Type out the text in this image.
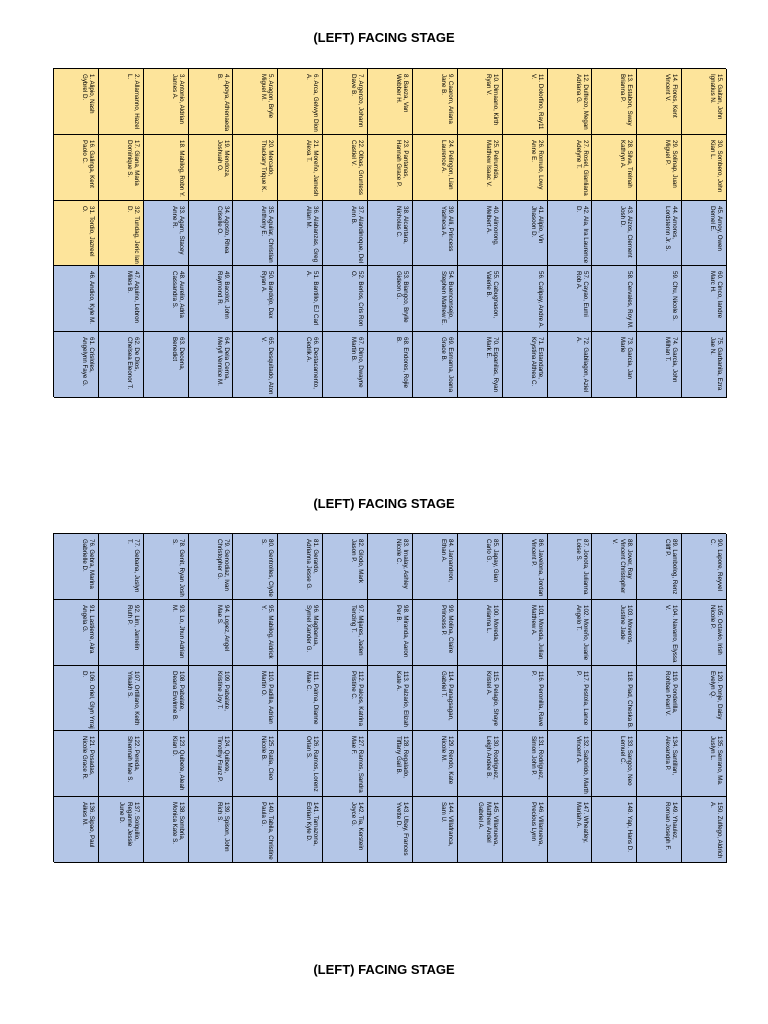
(LEFT) FACING STAGE
1. Alipio, Nash Gybrel D.	2. Allamanno, Hazel L.	3. Antonio, Aldrian James A.	4. Apoya, Athenaeda B.	5. Aragon, Bryle Miguel M.	6. Arca, Gelwyn Dion A.	7. Argenzo, Johann Dave B.	8. Baeza, Van Webber H.	9. Caarom, Ariana Jane B.	10. Dimaano, Kirth Ryan V.	11. Dolorfino, Ray11 V.	12. Dulfrezo, Megan Adriana G.	13. Estabon, Sway Brianna P.	14. Flores, Kent Vincent V.	15. Gaitan, John Ignatius N.
16. Galinga, Kent Paolo C.	17. Giana, Maria Dominique S.	18. Mabilog, Robn Y.	19. Mendoza, Joshuah O.	20. Mercado, Thackary Trique K.	21. Moreño, Jamesh Alexa T.	22. Olbas, Gruntess Castiel V.	23. Pantanas, Hannah Grace P.	24. Pelingon, Lian Laurence A.	25. Pelrumida, Matthew Isaac V.	26. Romulo, Lowy Anne E.	27. Rosel, Gianliana Adelyne T.	28. Silva, Trelnah Kathryn A.	29. Solinap, Juan Miguel P.	30. Sombero, John Kian L.
31. Tordio, Jazreel O.	32. Tundag, Jeric Ian D.	33. Agam, Stacey Anne R.	34. Agosto, Rhea Criselle O.	35. Aguilar, Christian Anthony E.	36. Alabanzas, Greg Allan M.	37. Alandinoque, Del Ann B.	38. Alcantara, Nicholas C.	39. Alli, Princess Yasheca A.	40. Alimorong, Melbert A.	41. Alipio, Vin Jhasoon D.	42. Ala, Ira Laurence D.	43. Alzos, Clement Josh D.	44. Amores, Lordstemn Jr. S.	45. Amoy, Owen Demel E.
46. Andico, Kyle M.	47. Aquino, Lebron Miles B.	48. Aurelio, Adria Cassandra S.	49. Bacolot, John Raymond R.	50. Bandojo, Dax Ryan A.	51. Bantillo, EJ Carl A.	52. Berlos, Cris Ron O.	53. Biangco, Brylle Gideon G.	54. Buenconsejo, Stephen Mathew E.	55. Cabugnason, Valerie B.	56. Calipay, Andre A.	57. Cayao, Eumi Rob A.	58. Cervales, Roy M.	59. Chu, Nicole S.	60. Cinco, Iandre Marc H.
61. Crisloles, Angelynn Faye G.	62. De Dios, Chelsea Eleonor T.	63. Decena, Benedict	64. Dela Cerna, Meryll Vennice M.	65. Desquitado, Aton V.	66. Destacamento, Cedrik A.	67. Dimo, Dwayne Martin B.	68. Endores, Rojie B.	69. Esmama, Joana Grace B.	70. Espanilas, Ryan Mark E.	71. Estandarte, Krystina Althea C.	72. Gabilagon, Aziel A.	73. Garcia, Jan Marie	74. Garcia, John Milhan T.	75. Garbanila, Ezra Jae N.
(LEFT) FACING STAGE
76. Gebra, Marina Gabrielle D.	77. Gebana, Juslyn T.	78. Genit, Ryan Josh S.	79. Genodiaz, Ivan Christopher G.	80. Gentrolles, Clyde S.	81. Gerardo, Adrianna Jesse G.	82. Glodo, Mark Jason P.	83. Imalay, Ashley Nicole C.	84. Jamandron, Ethan A.	85. Japay, Gian Carlo G.	86. Javelona, Jordan Vincent P.	87. Jonota, Julianna Loise S.	88. Jover, Ray Vincent Christopher V.	89. Lambolog, Renz Cliff P.	90. Lapore, Reyvel C.
91. Lastierre, Aira Angela G.	92. Lim, Jamelin Ruth P.	93. Lo, Jhun Adrian M.	94. Lopez, Angel Mae S.	95. Mabilog, Aldrick Y.	96. Magbanua, Symel Xander G.	97. Mijares, Jaden Tenzing T.	98. Miranda, Aaron Per B.	99. Molina, Claire Princess P.	100. Moreda, Arianna L.	101. Moreda, Julian Matthew A.	102. Moreño, Juarie Angelo T.	103. Moveros, Justine Jade	104. Navarro, Elyssa V.	105. Octavio, Irish Nicole P.
106. Oriel, Glyn Yrraj D.	107. Ortillano, Keith Yrkakh S.	108. Pabalate, Deana Erwinne B.	109. Pabalate, Kristine Joy T.	110. Padilla, Adrian Martin O.	111. Palma, Dianne Mae C.	112. Palces, Katrina Pristine C.	113. Palzario, Elizah Kate A.	114. Panagsagan, Gabriel T.	115. Pelagio, Shaye Kristel A.	116. Peronilla, Rave P.	117. Pestola, Lance P.	118. Piad, Cheska B.	119. Ponderilla, Rohban Pearl V.	120. Ponje, Daisy Evelyn Q.
121. Posadas, Nicole Grace R.	122. Pereda, Shennah Mae S.	123. Quibete, Aleah Kian D.	124. Quibete, Timothy Franz P.	125. Ratia, Cleo Nicole B.	126. Ramos, Lorenz Orlan S.	127. Ramos, Sandra Mae F.	128. Regalado, Tiffany Gail B.	129. Rendo, Kate Nicole M.	130. Rodriguez, Leigh Andee B.	131. Rodriguez, Simon John P.	132. Saborido, Marth Vincent A.	133. Sangco, Neo Lemuel C.	134. Santillan, Alexandra P.	135. Serrano, Ma. Juslyn L.
136. Sipao, Paul Aikes M.	137. Solquilio, Reganne Jessie June D.	138. Sombria, Monica Kate S.	139. Spison, John Rich S.	140. Tabila, Christine Paula G.	141. Tamazona, Edrian Kyle D.	142. Tia, Kerstein Joyce G.	143. Ubay, Frances Yvette D.	144. Villafranca, Sam U.	145. Villanueva, Matthew Andel Gabriel A.	146. Villanueva, Precious Lynn	147. Wheatley, Mariah A.	148. Yap, Hans D.	149. Yhaulez, Roman Joseph F.	150. Zulfego, Aldrich A.
(LEFT) FACING STAGE
